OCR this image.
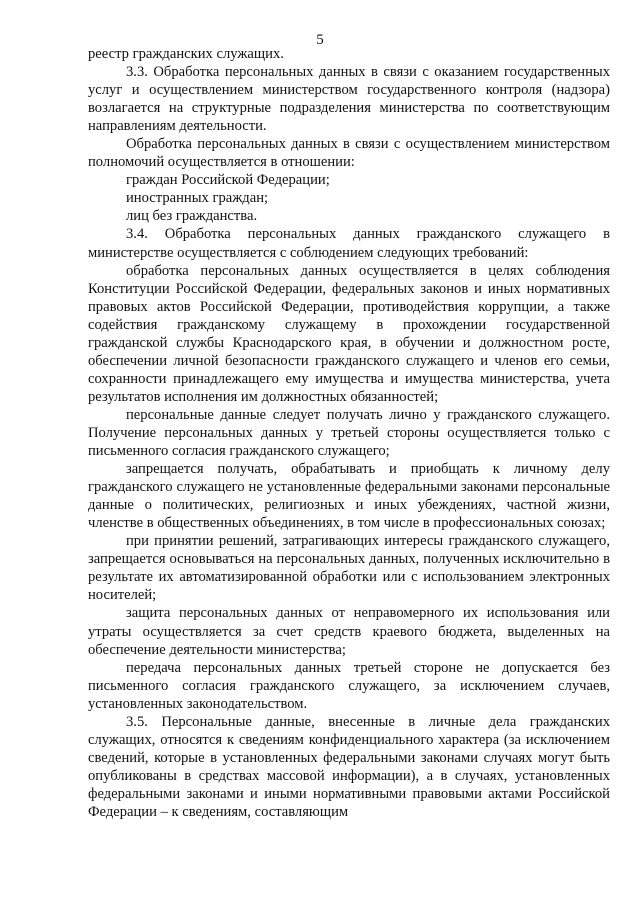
5

реестр гражданских служащих.

3.3. Обработка персональных данных в связи с оказанием государственных услуг и осуществлением министерством государственного контроля (надзора) возлагается на структурные подразделения министерства по соответствующим направлениям деятельности.

Обработка персональных данных в связи с осуществлением министерством полномочий осуществляется в отношении:

граждан Российской Федерации;

иностранных граждан;

лиц без гражданства.

3.4. Обработка персональных данных гражданского служащего в министерстве осуществляется с соблюдением следующих требований:

обработка персональных данных осуществляется в целях соблюдения Конституции Российской Федерации, федеральных законов и иных нормативных правовых актов Российской Федерации, противодействия коррупции, а также содействия гражданскому служащему в прохождении государственной гражданской службы Краснодарского края, в обучении и должностном росте, обеспечении личной безопасности гражданского служащего и членов его семьи, сохранности принадлежащего ему имущества и имущества министерства, учета результатов исполнения им должностных обязанностей;

персональные данные следует получать лично у гражданского служащего. Получение персональных данных у третьей стороны осуществляется только с письменного согласия гражданского служащего;

запрещается получать, обрабатывать и приобщать к личному делу гражданского служащего не установленные федеральными законами персональные данные о политических, религиозных и иных убеждениях, частной жизни, членстве в общественных объединениях, в том числе в профессиональных союзах;

при принятии решений, затрагивающих интересы гражданского служащего, запрещается основываться на персональных данных, полученных исключительно в результате их автоматизированной обработки или с использованием электронных носителей;

защита персональных данных от неправомерного их использования или утраты осуществляется за счет средств краевого бюджета, выделенных на обеспечение деятельности министерства;

передача персональных данных третьей стороне не допускается без письменного согласия гражданского служащего, за исключением случаев, установленных законодательством.

3.5. Персональные данные, внесенные в личные дела гражданских служащих, относятся к сведениям конфиденциального характера (за исключением сведений, которые в установленных федеральными законами случаях могут быть опубликованы в средствах массовой информации), а в случаях, установленных федеральными законами и иными нормативными правовыми актами Российской Федерации – к сведениям, составляющим
